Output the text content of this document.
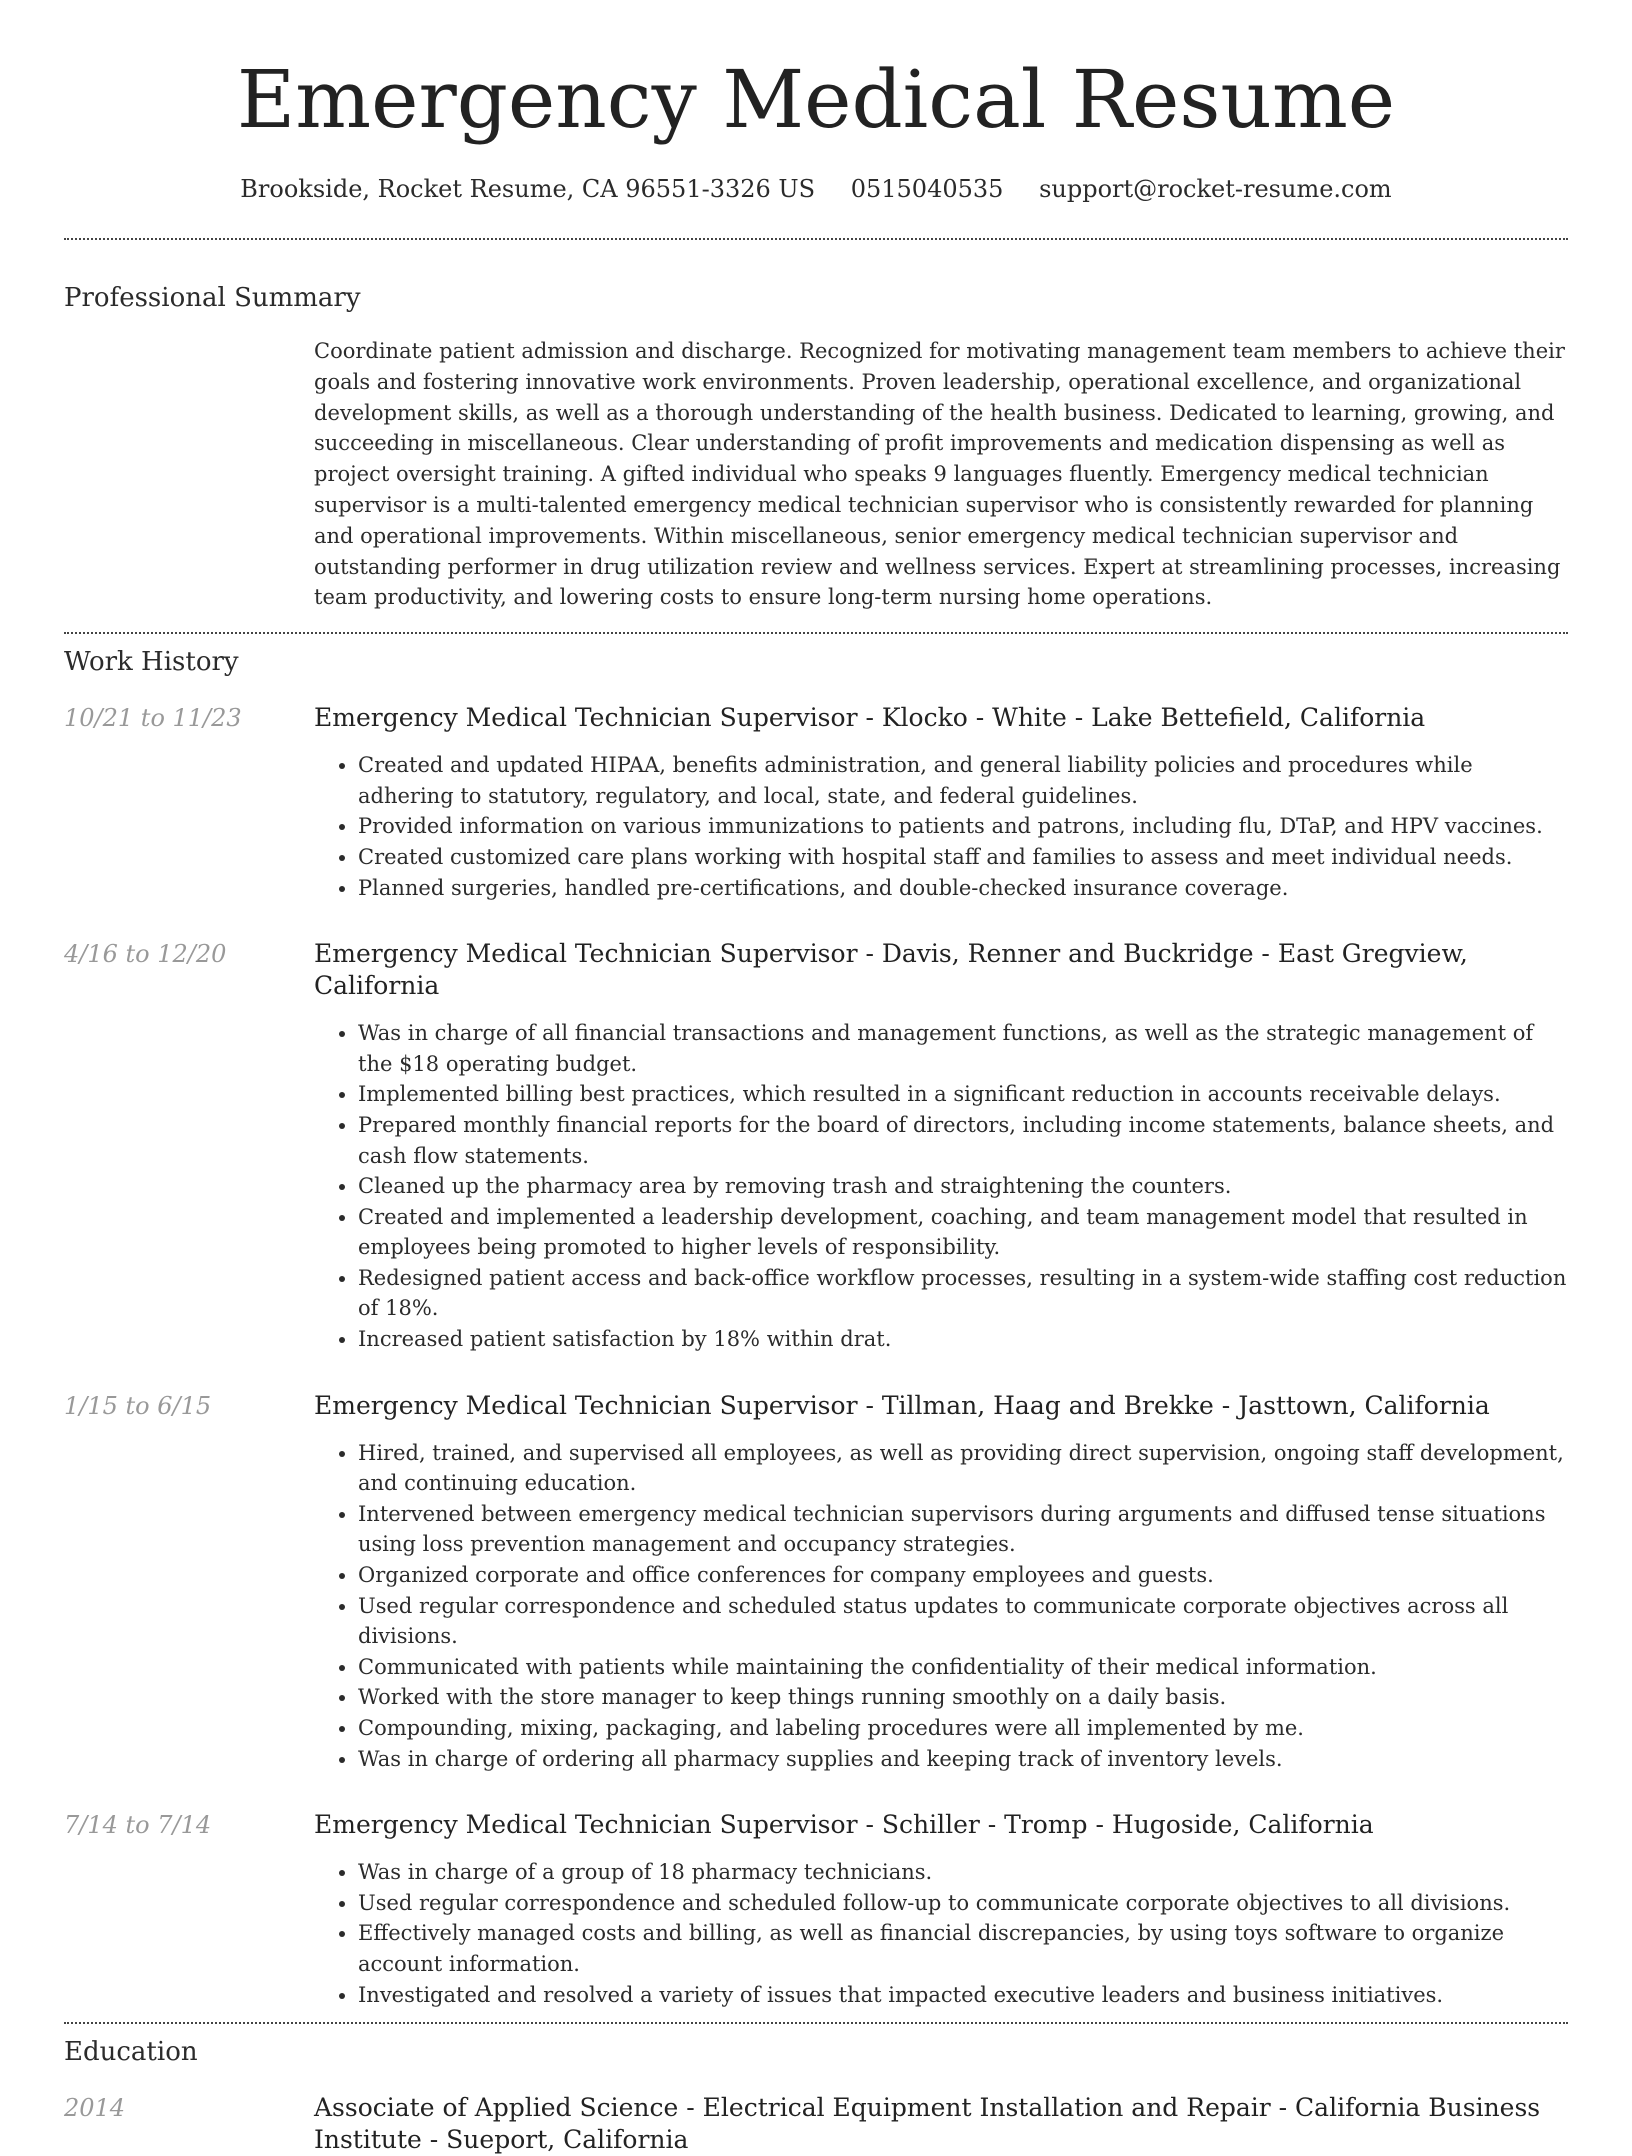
Emergency Medical Resume
Brookside, Rocket Resume, CA 96551-3326 US 0515040535 support@rocket-resume.com
Professional Summary
Coordinate patient admission and discharge. Recognized for motivating management team members to achieve their goals and fostering innovative work environments. Proven leadership, operational excellence, and organizational development skills, as well as a thorough understanding of the health business. Dedicated to learning, growing, and succeeding in miscellaneous. Clear understanding of profit improvements and medication dispensing as well as project oversight training. A gifted individual who speaks 9 languages fluently. Emergency medical technician supervisor is a multi-talented emergency medical technician supervisor who is consistently rewarded for planning and operational improvements. Within miscellaneous, senior emergency medical technician supervisor and outstanding performer in drug utilization review and wellness services. Expert at streamlining processes, increasing team productivity, and lowering costs to ensure long-term nursing home operations.
Work History
10/21 to 11/23	Emergency Medical Technician Supervisor - Klocko - White - Lake Bettefield, California
• Created and updated HIPAA, benefits administration, and general liability policies and procedures while adhering to statutory, regulatory, and local, state, and federal guidelines.
• Provided information on various immunizations to patients and patrons, including flu, DTaP, and HPV vaccines.
• Created customized care plans working with hospital staff and families to assess and meet individual needs.
• Planned surgeries, handled pre-certifications, and double-checked insurance coverage.
4/16 to 12/20	Emergency Medical Technician Supervisor - Davis, Renner and Buckridge - East Gregview, California
• Was in charge of all financial transactions and management functions, as well as the strategic management of the $18 operating budget.
• Implemented billing best practices, which resulted in a significant reduction in accounts receivable delays.
• Prepared monthly financial reports for the board of directors, including income statements, balance sheets, and cash flow statements.
• Cleaned up the pharmacy area by removing trash and straightening the counters.
• Created and implemented a leadership development, coaching, and team management model that resulted in employees being promoted to higher levels of responsibility.
• Redesigned patient access and back-office workflow processes, resulting in a system-wide staffing cost reduction of 18%.
• Increased patient satisfaction by 18% within drat.
1/15 to 6/15	Emergency Medical Technician Supervisor - Tillman, Haag and Brekke - Jasttown, California
• Hired, trained, and supervised all employees, as well as providing direct supervision, ongoing staff development, and continuing education.
• Intervened between emergency medical technician supervisors during arguments and diffused tense situations using loss prevention management and occupancy strategies.
• Organized corporate and office conferences for company employees and guests.
• Used regular correspondence and scheduled status updates to communicate corporate objectives across all divisions.
• Communicated with patients while maintaining the confidentiality of their medical information.
• Worked with the store manager to keep things running smoothly on a daily basis.
• Compounding, mixing, packaging, and labeling procedures were all implemented by me.
• Was in charge of ordering all pharmacy supplies and keeping track of inventory levels.
7/14 to 7/14	Emergency Medical Technician Supervisor - Schiller - Tromp - Hugoside, California
• Was in charge of a group of 18 pharmacy technicians.
• Used regular correspondence and scheduled follow-up to communicate corporate objectives to all divisions.
• Effectively managed costs and billing, as well as financial discrepancies, by using toys software to organize account information.
• Investigated and resolved a variety of issues that impacted executive leaders and business initiatives.
Education
2014	Associate of Applied Science - Electrical Equipment Installation and Repair - California Business Institute - Sueport, California
